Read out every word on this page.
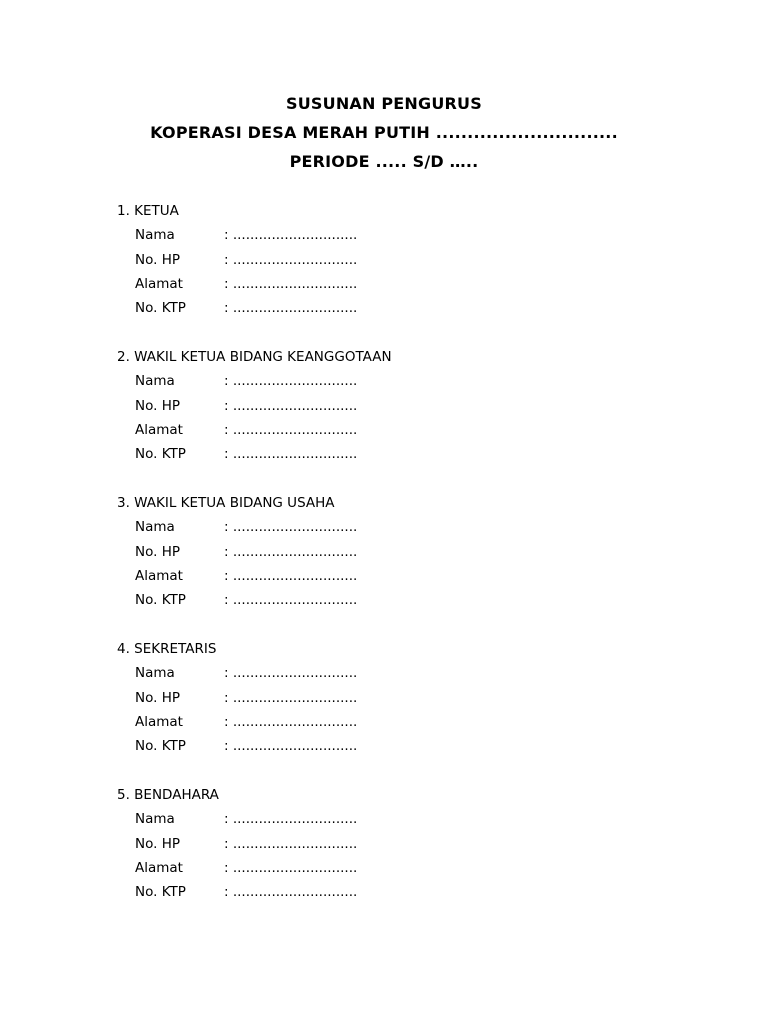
SUSUNAN PENGURUS
KOPERASI DESA MERAH PUTIH .............................
PERIODE ..... S/D …..
1. KETUA
Nama	: .............................
No. HP	: .............................
Alamat	: .............................
No. KTP	: .............................
2. WAKIL KETUA BIDANG KEANGGOTAAN
Nama	: .............................
No. HP	: .............................
Alamat	: .............................
No. KTP	: .............................
3. WAKIL KETUA BIDANG USAHA
Nama	: .............................
No. HP	: .............................
Alamat	: .............................
No. KTP	: .............................
4. SEKRETARIS
Nama	: .............................
No. HP	: .............................
Alamat	: .............................
No. KTP	: .............................
5. BENDAHARA
Nama	: .............................
No. HP	: .............................
Alamat	: .............................
No. KTP	: .............................
